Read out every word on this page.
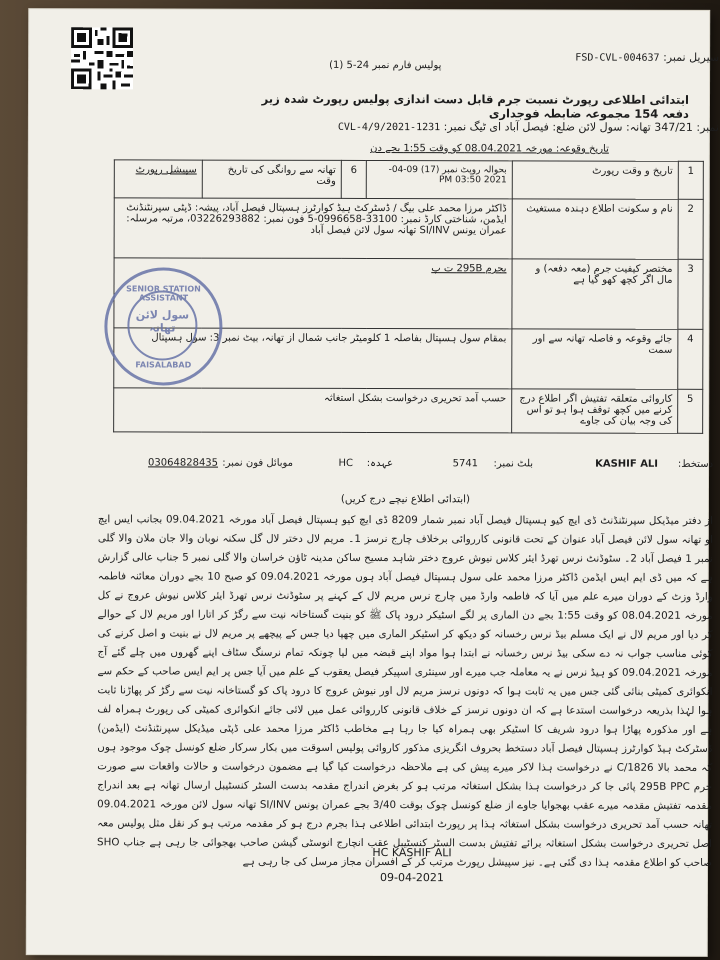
سیریل نمبر: FSD-CVL-004637
پولیس فارم نمبر 24-5 (1)
ابتدائی اطلاعی رپورٹ نسبت جرم قابل دست اندازی پولیس رپورٹ شدہ زیر دفعہ 154 مجموعہ ضابطہ فوجداری
نمبر: 347/21 تھانہ: سول لائن ضلع: فیصل آباد ای ٹیگ نمبر: CVL-4/9/2021-1231
تاریخ وقوعہ: مورخہ 08.04.2021 کو وقت 1:55 بجے دن
1	تاریخ و وقت رپورٹ	بحوالہ روپٹ نمبر (17) 09-04-2021 03:50 PM	6	تھانہ سے روانگی کی تاریخ وقت	سپیشل رپورٹ
2	نام و سکونت اطلاع دہندہ مستغیث	ڈاکٹر مرزا محمد علی بیگ / ڈسٹرکٹ ہیڈ کوارٹرز ہسپتال فیصل آباد، پیشہ: ڈپٹی سپرنٹنڈنٹ ایڈمن، شناختی کارڈ نمبر: 33100-0996658-5 فون نمبر: 03226293882، مرتبہ مرسلہ: عمران یونس SI/INV تھانہ سول لائن فیصل آباد			
3	مختصر کیفیت جرم (معہ دفعہ) و مال اگر کچھ کھو گیا ہے	بجرم 295B ت پ			
4	جائے وقوعہ و فاصلہ تھانہ سے اور سمت	بمقام سول ہسپتال بفاصلہ 1 کلومیٹر جانب شمال از تھانہ، بیٹ نمبر 3: سول ہسپتال			
5	کاروائی متعلقہ تفتیش اگر اطلاع درج کرنے میں کچھ توقف ہوا ہو تو اس کی وجہ بیان کی جاوے	حسب آمد تحریری درخواست بشکل استغاثہ			
SENIOR STATION ASSISTANT
سول لائن تھانہ
FAISALABAD
دستخط:
KASHIF ALI
بلٹ نمبر:
5741
عہدہ:
HC
موبائل فون نمبر:
03064828435

(ابتدائی اطلاع نیچے درج کریں)

از دفتر میڈیکل سپرنٹنڈنٹ ڈی ایچ کیو ہسپتال فیصل آباد نمبر شمار 8209 ڈی ایچ کیو ہسپتال فیصل آباد مورخہ 09.04.2021 بجانب ایس ایچ او تھانہ سول لائن فیصل آباد عنوان کے تحت قانونی کارروائی برخلاف چارج نرسز 1۔ مریم لال دختر لال گل سکنہ نوبان والا جان ملان والا گلی نمبر 1 فیصل آباد 2۔ سٹوڈنٹ نرس تھرڈ ایئر کلاس نیوش عروج دختر شاہد مسیح ساکن مدینہ ٹاؤن خراسان والا گلی نمبر 5 جناب عالی گزارش ہے کہ میں ڈی ایم ایس ایڈمن ڈاکٹر مرزا محمد علی سول ہسپتال فیصل آباد ہوں مورخہ 09.04.2021 کو صبح 10 بجے دوران معائنہ فاطمہ وارڈ وزٹ کے دوران میرے علم میں آیا کہ فاطمہ وارڈ میں چارج نرس مریم لال کے کہنے پر سٹوڈنٹ نرس تھرڈ ایئر کلاس نیوش عروج نے کل مورخہ 08.04.2021 کو وقت 1:55 بجے دن الماری پر لگے اسٹیکر درود پاک ﷺ کو بنیت گستاخانہ نیت سے رگڑ کر اتارا اور مریم لال کے حوالے کر دیا اور مریم لال نے ایک مسلم بیڈ نرس رخسانہ کو دیکھ کر اسٹیکر الماری میں چھپا دیا جس کے پیچھے پر مریم لال نے بنیت و اصل کرنے کی کوئی مناسب جواب نہ دے سکی بیڈ نرس رخسانہ نے ابتدا ہوا مواد اپنے قبضہ میں لیا چونکہ تمام نرسنگ سٹاف اپنے گھروں میں چلے گئے آج مورخہ 09.04.2021 کو ہیڈ نرس نے یہ معاملہ جب میرے اور سینئری اسپیکر فیصل یعقوب کے علم میں آیا جس پر ایم ایس صاحب کے حکم سے انکوائری کمیٹی بنائی گئی جس میں یہ ثابت ہوا کہ دونوں نرسز مریم لال اور نیوش عروج کا درود پاک کو گستاخانہ نیت سے رگڑ کر پھاڑنا ثابت ہوا لہٰذا بذریعہ درخواست استدعا ہے کہ ان دونوں نرسز کے خلاف قانونی کارروائی عمل میں لائی جائے انکوائری کمیٹی کی رپورٹ ہمراہ لف ہے اور مذکورہ پھاڑا ہوا درود شریف کا اسٹیکر بھی ہمراہ کیا جا رہا ہے مخاطب ڈاکٹر مرزا محمد علی ڈپٹی میڈیکل سپرنٹنڈنٹ (ایڈمن) ڈسٹرکٹ ہیڈ کوارٹرز ہسپتال فیصل آباد دستخط بحروف انگریزی مذکور کاروائی پولیس اسوقت میں بکار سرکار ضلع کونسل چوک موجود ہوں کہ محمد بالا C/1826 نے درخواست ہذا لاکر میرے پیش کی ہے ملاحظہ درخواست کیا گیا ہے مضمون درخواست و حالات واقعات سے صورت جرم 295B PPC پائی جا کر درخواست ہذا بشکل استغاثہ مرتب ہو کر بغرض اندراج مقدمہ بدست السٹر کنسٹیبل ارسال تھانہ ہے بعد اندراج مقدمہ تفتیش مقدمہ میرے عقب بھجوایا جاوے از ضلع کونسل چوک بوقت 3/40 بجے عمران یونس SI/INV تھانہ سول لائن مورخہ 09.04.2021 تھانہ حسب آمد تحریری درخواست بشکل استغاثہ ہذا پر رپورٹ ابتدائی اطلاعی ہذا بجرم درج ہو کر مقدمہ مرتب ہو کر نقل مثل پولیس معہ اصل تحریری درخواست بشکل استغاثہ برائے تفتیش بدست السٹر کنسٹیبل عقب انچارج انوسٹی گیشن صاحب بھجوائی جا رہی ہے جناب SHO صاحب کو اطلاع مقدمہ ہذا دی گئی ہے۔ نیز سپیشل رپورٹ مرتب کر کے افسران مجاز مرسل کی جا رہی ہے

HC KASHIF ALI
09-04-2021
